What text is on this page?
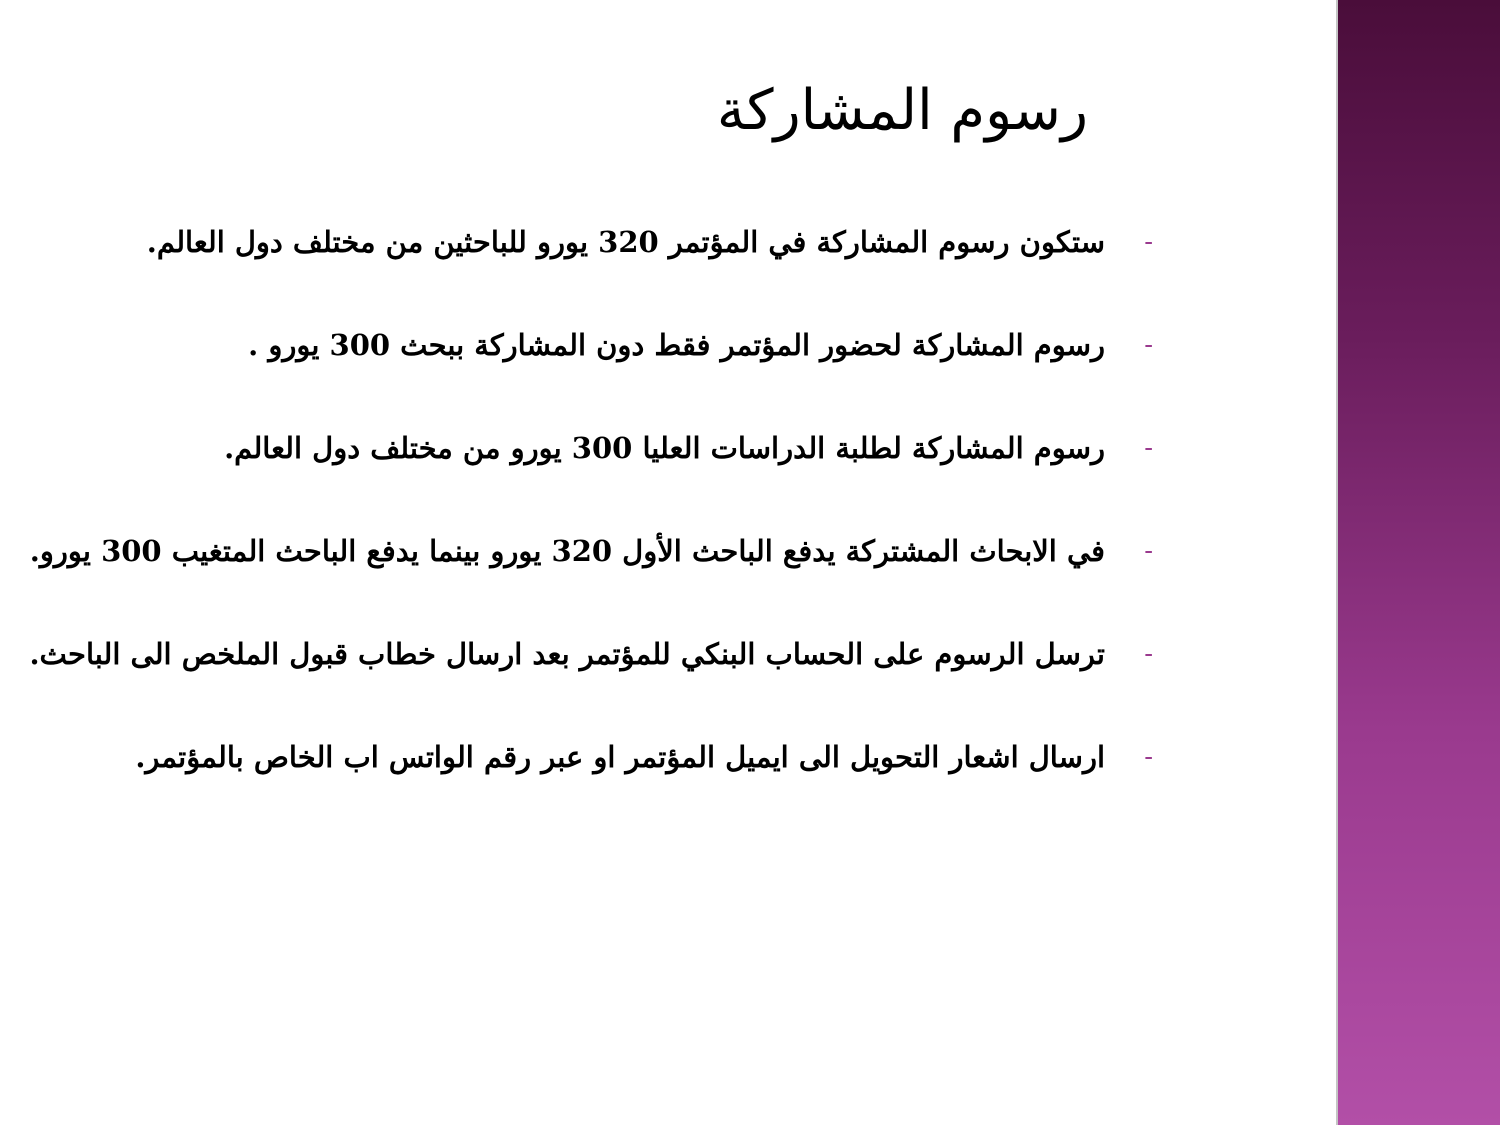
رسوم المشاركة
-
ستكون رسوم المشاركة في المؤتمر 320 يورو للباحثين من مختلف دول العالم.
-
رسوم المشاركة لحضور المؤتمر فقط دون المشاركة ببحث 300 يورو .
-
رسوم المشاركة لطلبة الدراسات العليا 300 يورو من مختلف دول العالم.
-
في الابحاث المشتركة يدفع الباحث الأول 320 يورو بينما يدفع الباحث المتغيب 300 يورو.
-
ترسل الرسوم على الحساب البنكي للمؤتمر بعد ارسال خطاب قبول الملخص الى الباحث.
-
ارسال اشعار التحويل الى ايميل المؤتمر او عبر رقم الواتس اب الخاص بالمؤتمر.
